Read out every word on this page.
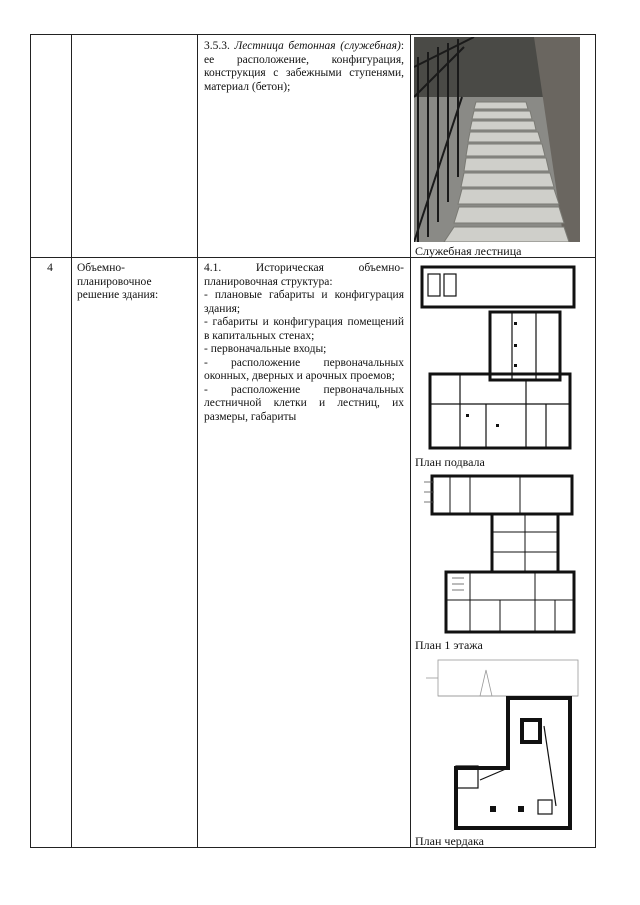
3.5.3. Лестница бетонная (служебная): ее расположение, конфигурация, конструкция с забежными ступенями, материал (бетон);
Служебная лестница
4	Объемно-планировочное решение здания:
4.1. Историческая объемно-планировочная структура:
- плановые габариты и конфигурация здания;
- габариты и конфигурация помещений в капитальных стенах;
- первоначальные входы;
- расположение первоначальных оконных, дверных и арочных проемов;
- расположение первоначальных лестничной клетки и лестниц, их размеры, габариты
План подвала
План 1 этажа
План чердака
